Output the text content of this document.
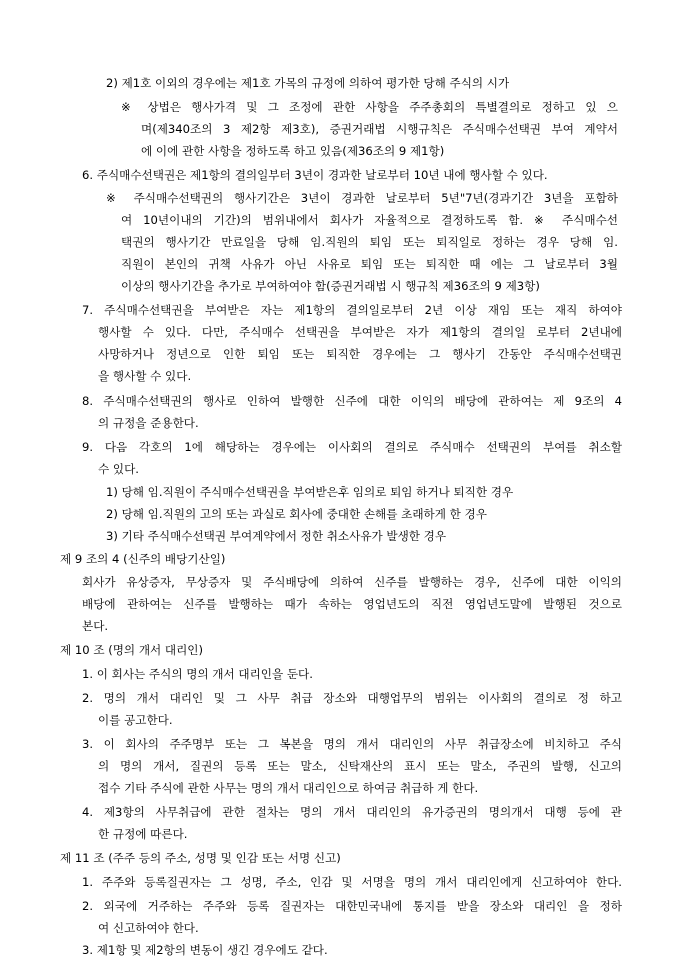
2) 제1호 이외의 경우에는 제1호 가목의 규정에 의하여 평가한 당해 주식의 시가
※ 상법은 행사가격 및 그 조정에 관한 사항을 주주총회의 특별결의로 정하고 있 으
며(제340조의 3 제2항 제3호), 증권거래법 시행규칙은 주식매수선택권 부여 계약서
에 이에 관한 사항을 정하도록 하고 있음(제36조의 9 제1항)
6. 주식매수선택권은 제1항의 결의일부터 3년이 경과한 날로부터 10년 내에 행사할 수 있다.
※ 주식매수선택권의 행사기간은 3년이 경과한 날로부터 5년"7년(경과기간 3년을 포함하
여 10년이내의 기간)의 범위내에서 회사가 자율적으로 결정하도록 함. ※ 주식매수선
택권의 행사기간 만료일을 당해 임.직원의 퇴임 또는 퇴직일로 정하는 경우 당해 임.
직원이 본인의 귀책 사유가 아닌 사유로 퇴임 또는 퇴직한 때 에는 그 날로부터 3월
이상의 행사기간을 추가로 부여하여야 함(증권거래법 시 행규칙 제36조의 9 제3항)
7. 주식매수선택권을 부여받은 자는 제1항의 결의일로부터 2년 이상 재임 또는 재직 하여야
행사할 수 있다. 다만, 주식매수 선택권을 부여받은 자가 제1항의 결의일 로부터 2년내에
사망하거나 정년으로 인한 퇴임 또는 퇴직한 경우에는 그 행사기 간동안 주식매수선택권
을 행사할 수 있다.
8. 주식매수선택권의 행사로 인하여 발행한 신주에 대한 이익의 배당에 관하여는 제 9조의 4
의 규정을 준용한다.
9. 다음 각호의 1에 해당하는 경우에는 이사회의 결의로 주식매수 선택권의 부여를 취소할
수 있다.
1) 당해 임.직원이 주식매수선택권을 부여받은후 임의로 퇴임 하거나 퇴직한 경우
2) 당해 임.직원의 고의 또는 과실로 회사에 중대한 손해를 초래하게 한 경우
3) 기타 주식매수선택권 부여계약에서 정한 취소사유가 발생한 경우
제 9 조의 4 (신주의 배당기산일)
회사가 유상증자, 무상증자 및 주식배당에 의하여 신주를 발행하는 경우, 신주에 대한 이익의
배당에 관하여는 신주를 발행하는 때가 속하는 영업년도의 직전 영업년도말에 발행된 것으로
본다.
제 10 조 (명의 개서 대리인)
1. 이 회사는 주식의 명의 개서 대리인을 둔다.
2. 명의 개서 대리인 및 그 사무 취급 장소와 대행업무의 범위는 이사회의 결의로 정 하고
이를 공고한다.
3. 이 회사의 주주명부 또는 그 복본을 명의 개서 대리인의 사무 취급장소에 비치하고 주식
의 명의 개서, 질권의 등록 또는 말소, 신탁재산의 표시 또는 말소, 주권의 발행, 신고의
접수 기타 주식에 관한 사무는 명의 개서 대리인으로 하여금 취급하 게 한다.
4. 제3항의 사무취급에 관한 절차는 명의 개서 대리인의 유가증권의 명의개서 대행 등에 관
한 규정에 따른다.
제 11 조 (주주 등의 주소, 성명 및 인감 또는 서명 신고)
1. 주주와 등록질권자는 그 성명, 주소, 인감 및 서명을 명의 개서 대리인에게 신고하여야 한다.
2. 외국에 거주하는 주주와 등록 질권자는 대한민국내에 통지를 받을 장소와 대리인 을 정하
여 신고하여야 한다.
3. 제1항 및 제2항의 변동이 생긴 경우에도 같다.
